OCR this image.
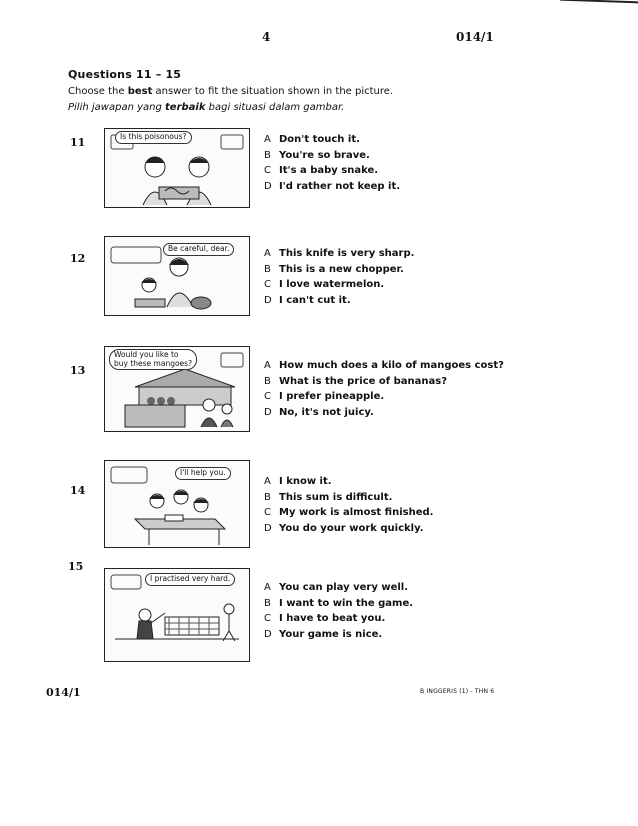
4	014/1
Questions 11 – 15
Choose the best answer to fit the situation shown in the picture.
Pilih jawapan yang terbaik bagi situasi dalam gambar.
11	Is this poisonous?	A Don't touch it.
B You're so brave.
C It's a baby snake.
D I'd rather not keep it.
12
Be careful, dear.	A This knife is very sharp.
B This is a new chopper.
C I love watermelon.
D I can't cut it.
13
Would you like to
buy these mangoes?	A How much does a kilo of mangoes cost?
B What is the price of bananas?
C I prefer pineapple.
D No, it's not juicy.
14
I'll help you.
A I know it.
B This sum is difficult.
C My work is almost finished.
D You do your work quickly.
15
I practised very hard.
A You can play very well.
B I want to win the game.
C I have to beat you.
D Your game is nice.
014/1	B INGGERIS (1) - THN 6
